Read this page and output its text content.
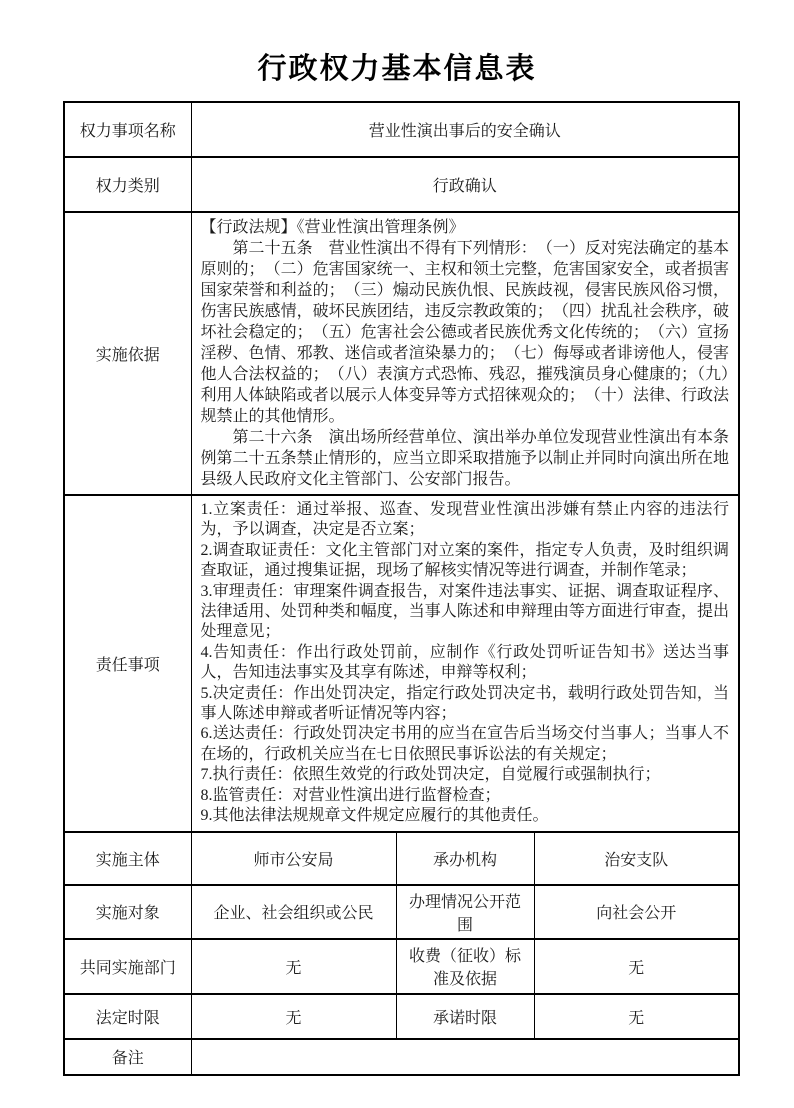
行政权力基本信息表
权力事项名称	营业性演出事后的安全确认		
权力类别	行政确认		
实施依据	【行政法规】《营业性演出管理条例》

第二十五条　营业性演出不得有下列情形：　（一）反对宪法确定的基本原则的；　（二）危害国家统一、主权和领土完整，危害国家安全，或者损害国家荣誉和利益的；　（三）煽动民族仇恨、民族歧视，侵害民族风俗习惯，伤害民族感情，破坏民族团结，违反宗教政策的；　（四）扰乱社会秩序，破坏社会稳定的；　（五）危害社会公德或者民族优秀文化传统的；　（六）宣扬淫秽、色情、邪教、迷信或者渲染暴力的；　（七）侮辱或者诽谤他人，侵害他人合法权益的；　（八）表演方式恐怖、残忍，摧残演员身心健康的；（九）利用人体缺陷或者以展示人体变异等方式招徕观众的；　（十）法律、行政法规禁止的其他情形。

第二十六条　演出场所经营单位、演出举办单位发现营业性演出有本条例第二十五条禁止情形的，应当立即采取措施予以制止并同时向演出所在地县级人民政府文化主管部门、公安部门报告。		

责任事项	

1.立案责任：通过举报、巡查、发现营业性演出涉嫌有禁止内容的违法行为，予以调查，决定是否立案；

2.调查取证责任：文化主管部门对立案的案件，指定专人负责，及时组织调查取证，通过搜集证据，现场了解核实情况等进行调查，并制作笔录；

3.审理责任：审理案件调查报告，对案件违法事实、证据、调查取证程序、法律适用、处罚种类和幅度，当事人陈述和申辩理由等方面进行审查，提出处理意见；

4.告知责任：作出行政处罚前，应制作《行政处罚听证告知书》送达当事人，告知违法事实及其享有陈述，申辩等权利；

5.决定责任：作出处罚决定，指定行政处罚决定书，载明行政处罚告知，当事人陈述申辩或者听证情况等内容；

6.送达责任：行政处罚决定书用的应当在宣告后当场交付当事人；当事人不在场的，行政机关应当在七日依照民事诉讼法的有关规定；

7.执行责任：依照生效党的行政处罚决定，自觉履行或强制执行；

8.监管责任：对营业性演出进行监督检查；

9.其他法律法规规章文件规定应履行的其他责任。

实施主体	师市公安局	承办机构	治安支队
实施对象	企业、社会组织或公民	办理情况公开范围	向社会公开
共同实施部门	无	收费（征收）标准及依据	无
法定时限	无	承诺时限	无
备注			
